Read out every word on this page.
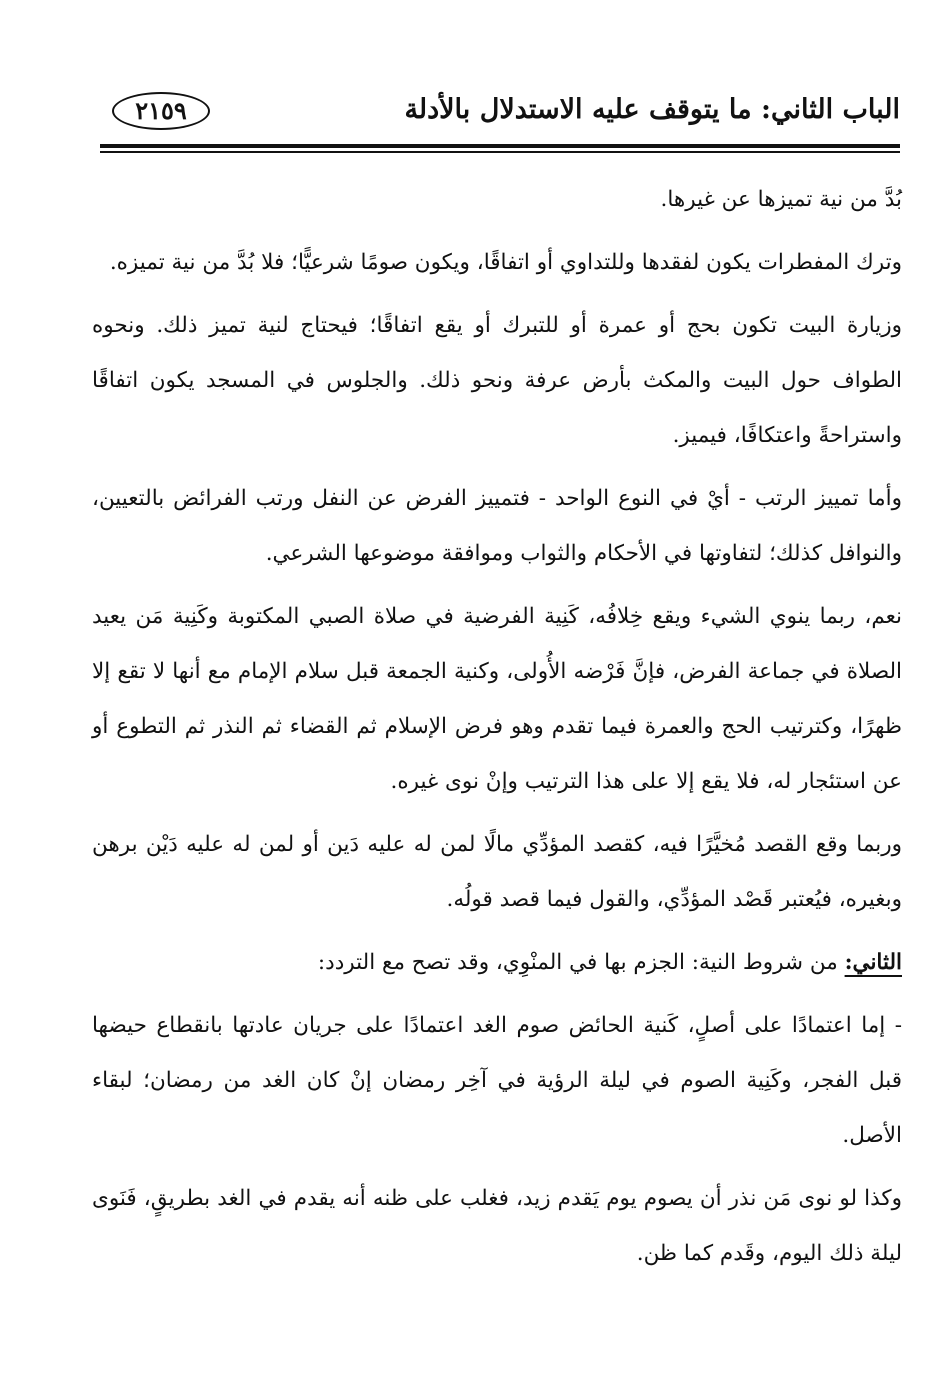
الباب الثاني: ما يتوقف عليه الاستدلال بالأدلة
٢١٥٩

بُدَّ من نية تميزها عن غيرها.

وترك المفطرات يكون لفقدها وللتداوي أو اتفاقًا، ويكون صومًا شرعيًّا؛ فلا بُدَّ من نية تميزه.

وزيارة البيت تكون بحج أو عمرة أو للتبرك أو يقع اتفاقًا؛ فيحتاج لنية تميز ذلك. ونحوه الطواف حول البيت والمكث بأرض عرفة ونحو ذلك. والجلوس في المسجد يكون اتفاقًا واستراحةً واعتكافًا، فيميز.

وأما تمييز الرتب - أيْ في النوع الواحد - فتمييز الفرض عن النفل ورتب الفرائض بالتعيين، والنوافل كذلك؛ لتفاوتها في الأحكام والثواب وموافقة موضوعها الشرعي.

نعم، ربما ينوي الشيء ويقع خِلافُه، كَنِية الفرضية في صلاة الصبي المكتوبة وكَنِية مَن يعيد الصلاة في جماعة الفرض، فإنَّ فَرْضه الأُولى، وكنية الجمعة قبل سلام الإمام مع أنها لا تقع إلا ظهرًا، وكترتيب الحج والعمرة فيما تقدم وهو فرض الإسلام ثم القضاء ثم النذر ثم التطوع أو عن استئجار له، فلا يقع إلا على هذا الترتيب وإنْ نوى غيره.

وربما وقع القصد مُخيَّرًا فيه، كقصد المؤدِّي مالًا لمن له عليه دَين أو لمن له عليه دَيْن برهن وبغيره، فيُعتبر قَصْد المؤدِّي، والقول فيما قصد قولُه.

الثاني: من شروط النية: الجزم بها في المنْوِي، وقد تصح مع التردد:

- إما اعتمادًا على أصلٍ، كَنية الحائض صوم الغد اعتمادًا على جريان عادتها بانقطاع حيضها قبل الفجر، وكَنِية الصوم في ليلة الرؤية في آخِر رمضان إنْ كان الغد من رمضان؛ لبقاء الأصل.

وكذا لو نوى مَن نذر أن يصوم يوم يَقدم زيد، فغلب على ظنه أنه يقدم في الغد بطريقٍ، فَنَوى ليلة ذلك اليوم، وقَدم كما ظن.
